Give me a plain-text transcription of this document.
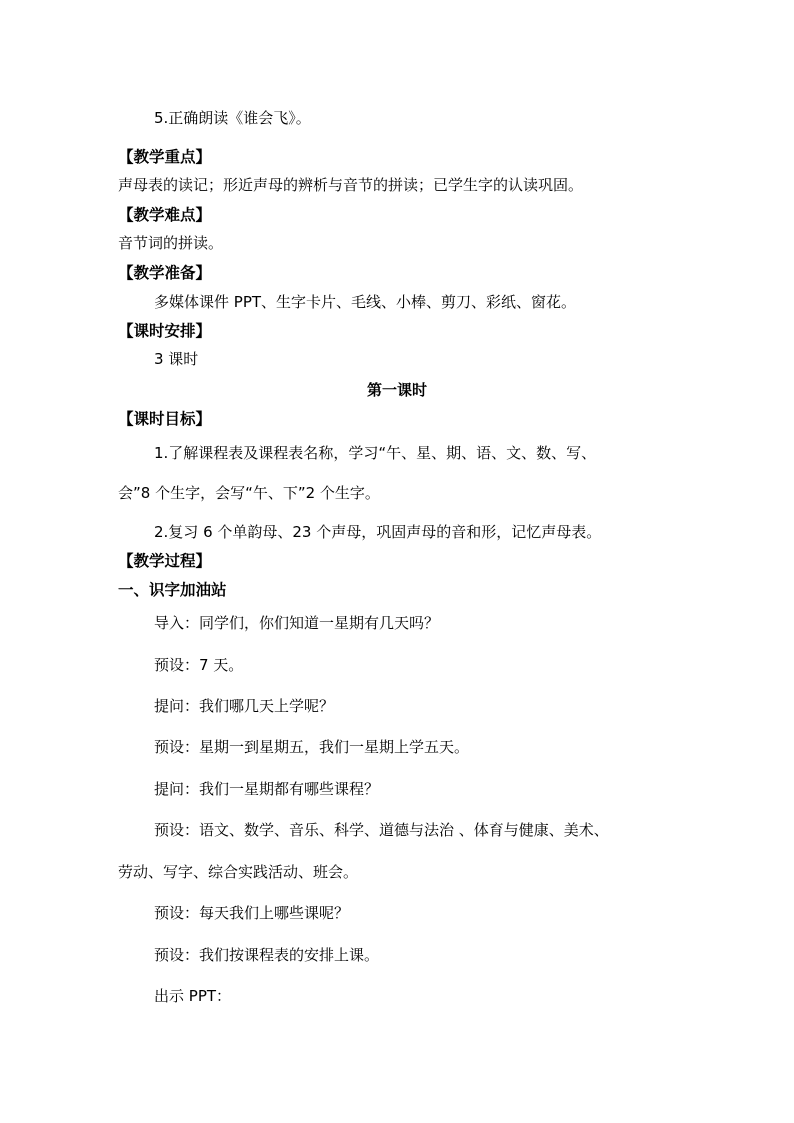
5.正确朗读《谁会飞》。
【教学重点】
声母表的读记；形近声母的辨析与音节的拼读；已学生字的认读巩固。
【教学难点】
音节词的拼读。
【教学准备】
多媒体课件 PPT、生字卡片、毛线、小棒、剪刀、彩纸、窗花。
【课时安排】
3 课时
第一课时
【课时目标】
1.了解课程表及课程表名称，学习“午、星、期、语、文、数、写、
会”8 个生字，会写“午、下”2 个生字。
2.复习 6 个单韵母、23 个声母，巩固声母的音和形，记忆声母表。
【教学过程】
一、识字加油站
导入：同学们，你们知道一星期有几天吗？
预设：7 天。
提问：我们哪几天上学呢？
预设：星期一到星期五，我们一星期上学五天。
提问：我们一星期都有哪些课程？
预设：语文、数学、音乐、科学、道德与法治 、体育与健康、美术、
劳动、写字、综合实践活动、班会。
预设：每天我们上哪些课呢？
预设：我们按课程表的安排上课。
出示 PPT：
